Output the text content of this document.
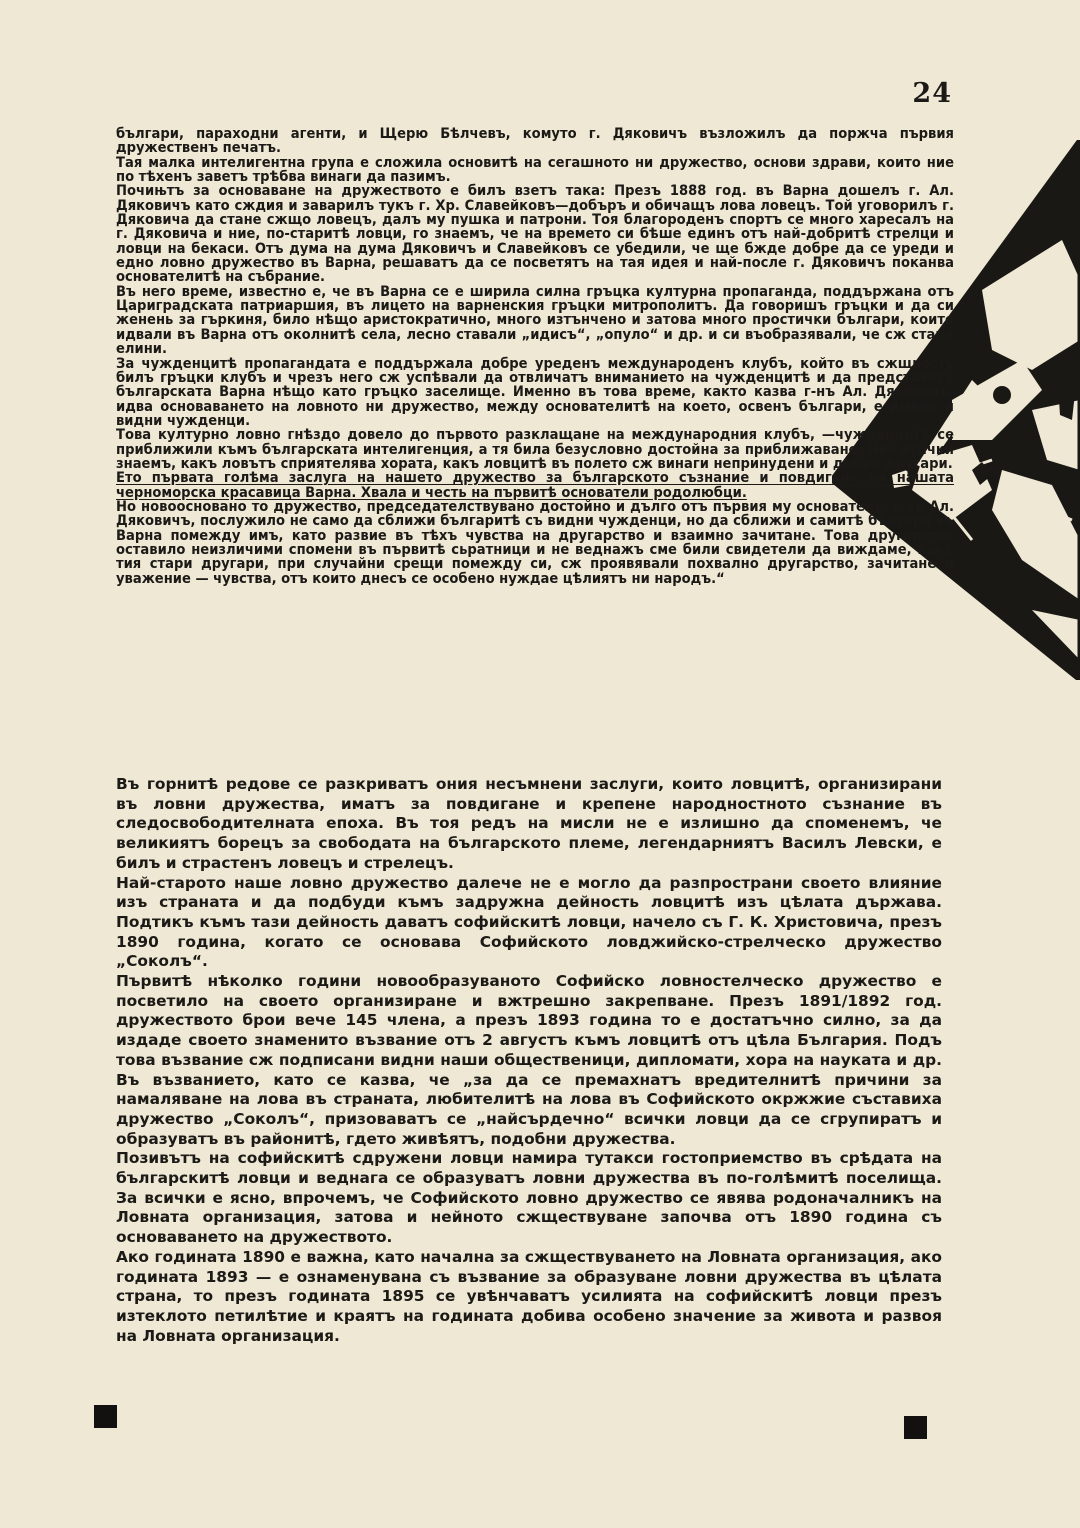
24

българи, параходни агенти, и Щерю Бѣлчевъ, комуто г. Дяковичъ възложилъ да поржча първия дружественъ печатъ.

Тая малка интелигентна група е сложила основитѣ на сегашното ни дружество, основи здрави, които ние по тѣхенъ заветъ трѣбва винаги да пазимъ.

Почињтъ за основаване на дружеството е билъ взетъ така: Презъ 1888 год. въ Варна дошелъ г. Ал. Дяковичъ като сждия и заварилъ тукъ г. Хр. Славейковъ—добъръ и обичащъ лова ловецъ. Той уговорилъ г. Дяковича да стане сжщо ловецъ, далъ му пушка и патрони. Тоя благороденъ спортъ се много харесалъ на г. Дяковича и ние, по-старитѣ ловци, го знаемъ, че на времето си бѣше единъ отъ най-добритѣ стрелци и ловци на бекаси. Отъ дума на дума Дяковичъ и Славейковъ се убедили, че ще бжде добре да се уреди и едно ловно дружество въ Варна, решаватъ да се посветятъ на тая идея и най-после г. Дяковичъ поканва основателитѣ на събрание.

Въ него време, известно е, че въ Варна се е ширила силна гръцка културна пропаганда, поддържана отъ Цариградската патриаршия, въ лицето на варненския гръцки митрополитъ. Да говоришъ гръцки и да си женень за гъркиня, било нѣщо аристократично, много изтънчено и затова много простички българи, които идвали въ Варна отъ околнитѣ села, лесно ставали „идисъ“, „опуло“ и др. и си въобразявали, че сж стари елини.

За чужденцитѣ пропагандата е поддържала добре уреденъ международенъ клубъ, който въ сжщность билъ гръцки клубъ и чрезъ него сж успѣвали да отвличатъ вниманието на чужденцитѣ и да представятъ българската Варна нѣщо като гръцко заселище. Именно въ това време, както казва г-нъ Ал. Дяковичъ, идва основаването на ловното ни дружество, между основателитѣ на което, освенъ българи, е имало и видни чужденци.

Това културно ловно гнѣздо довело до първото разклащане на международния клубъ, —чужденцитѣ се приближили къмъ българската интелигенция, а тя била безусловно достойна за приближаване. Ние всички знаемъ, какъ ловътъ сприятелява хората, какъ ловцитѣ въ полето сж винаги непринудени и добри другари.

Ето първата голѣма заслуга на нашето дружество за българското съзнание и повдигане на нашата черноморска красавица Варна. Хвала и честь на първитѣ основатели родолюбци.

Но новоосновано то дружество, председателствувано достойно и дълго отъ първия му основатель, г-нъ Ал. Дяковичъ, послужило не само да сближи българитѣ съ видни чужденци, но да сближи и самитѣ българи въ Варна помежду имъ, като развие въ тѣхъ чувства на другарство и взаимно зачитане. Това другарство оставило неизличими спомени въ първитѣ сьратници и не веднажъ сме били свидетели да виждаме, какъ тия стари другари, при случайни срещи помежду си, сж проявявали похвално другарство, зачитане и уважение — чувства, отъ които днесъ се особено нуждае цѣлиятъ ни народъ.“

Въ горнитѣ редове се разкриватъ ония несъмнени заслуги, които ловцитѣ, организирани въ ловни дружества, иматъ за повдигане и крепене народностното съзнание въ следосвободителната епоха. Въ тоя редъ на мисли не е излишно да споменемъ, че великиятъ борецъ за свободата на българското племе, легендарниятъ Василъ Левски, е билъ и страстенъ ловецъ и стрелецъ.

Най-старото наше ловно дружество далече не е могло да разпространи своето влияние изъ страната и да подбуди къмъ задружна дейность ловцитѣ изъ цѣлата държава. Подтикъ къмъ тази дейность даватъ софийскитѣ ловци, начело съ Г. К. Христовича, презъ 1890 година, когато се основава Софийското ловджийско-стрелческо дружество „Соколъ“.

Първитѣ нѣколко години новообразуваното Софийско ловностелческо дружество е посветило на своето организиране и вжтрешно закрепване. Презъ 1891/1892 год. дружеството брои вече 145 члена, а презъ 1893 година то е достатъчно силно, за да издаде своето знаменито възвание отъ 2 августъ къмъ ловцитѣ отъ цѣла България. Подъ това възвание сж подписани видни наши общественици, дипломати, хора на науката и др. Въ възванието, като се казва, че „за да се премахнатъ вредителнитѣ причини за намаляване на лова въ страната, любителитѣ на лова въ Софийското окржжие съставиха дружество „Соколъ“, призоваватъ се „найсърдечно“ всички ловци да се сгрупиратъ и образуватъ въ районитѣ, гдето живѣятъ, подобни дружества.

Позивътъ на софийскитѣ сдружени ловци намира тутакси гостоприемство въ срѣдата на българскитѣ ловци и веднага се образуватъ ловни дружества въ по-голѣмитѣ поселища. За всички е ясно, впрочемъ, че Софийското ловно дружество се явява родоначалникъ на Ловната организация, затова и нейното сжществуване започва отъ 1890 година съ основаването на дружеството.

Ако годината 1890 е важна, като начална за сжществуването на Ловната организация, ако годината 1893 — е ознаменувана съ възвание за образуване ловни дружества въ цѣлата страна, то презъ годината 1895 се увѣнчаватъ усилията на софийскитѣ ловци презъ изтеклото петилѣтие и краятъ на годината добива особено значение за живота и развоя на Ловната организация.
